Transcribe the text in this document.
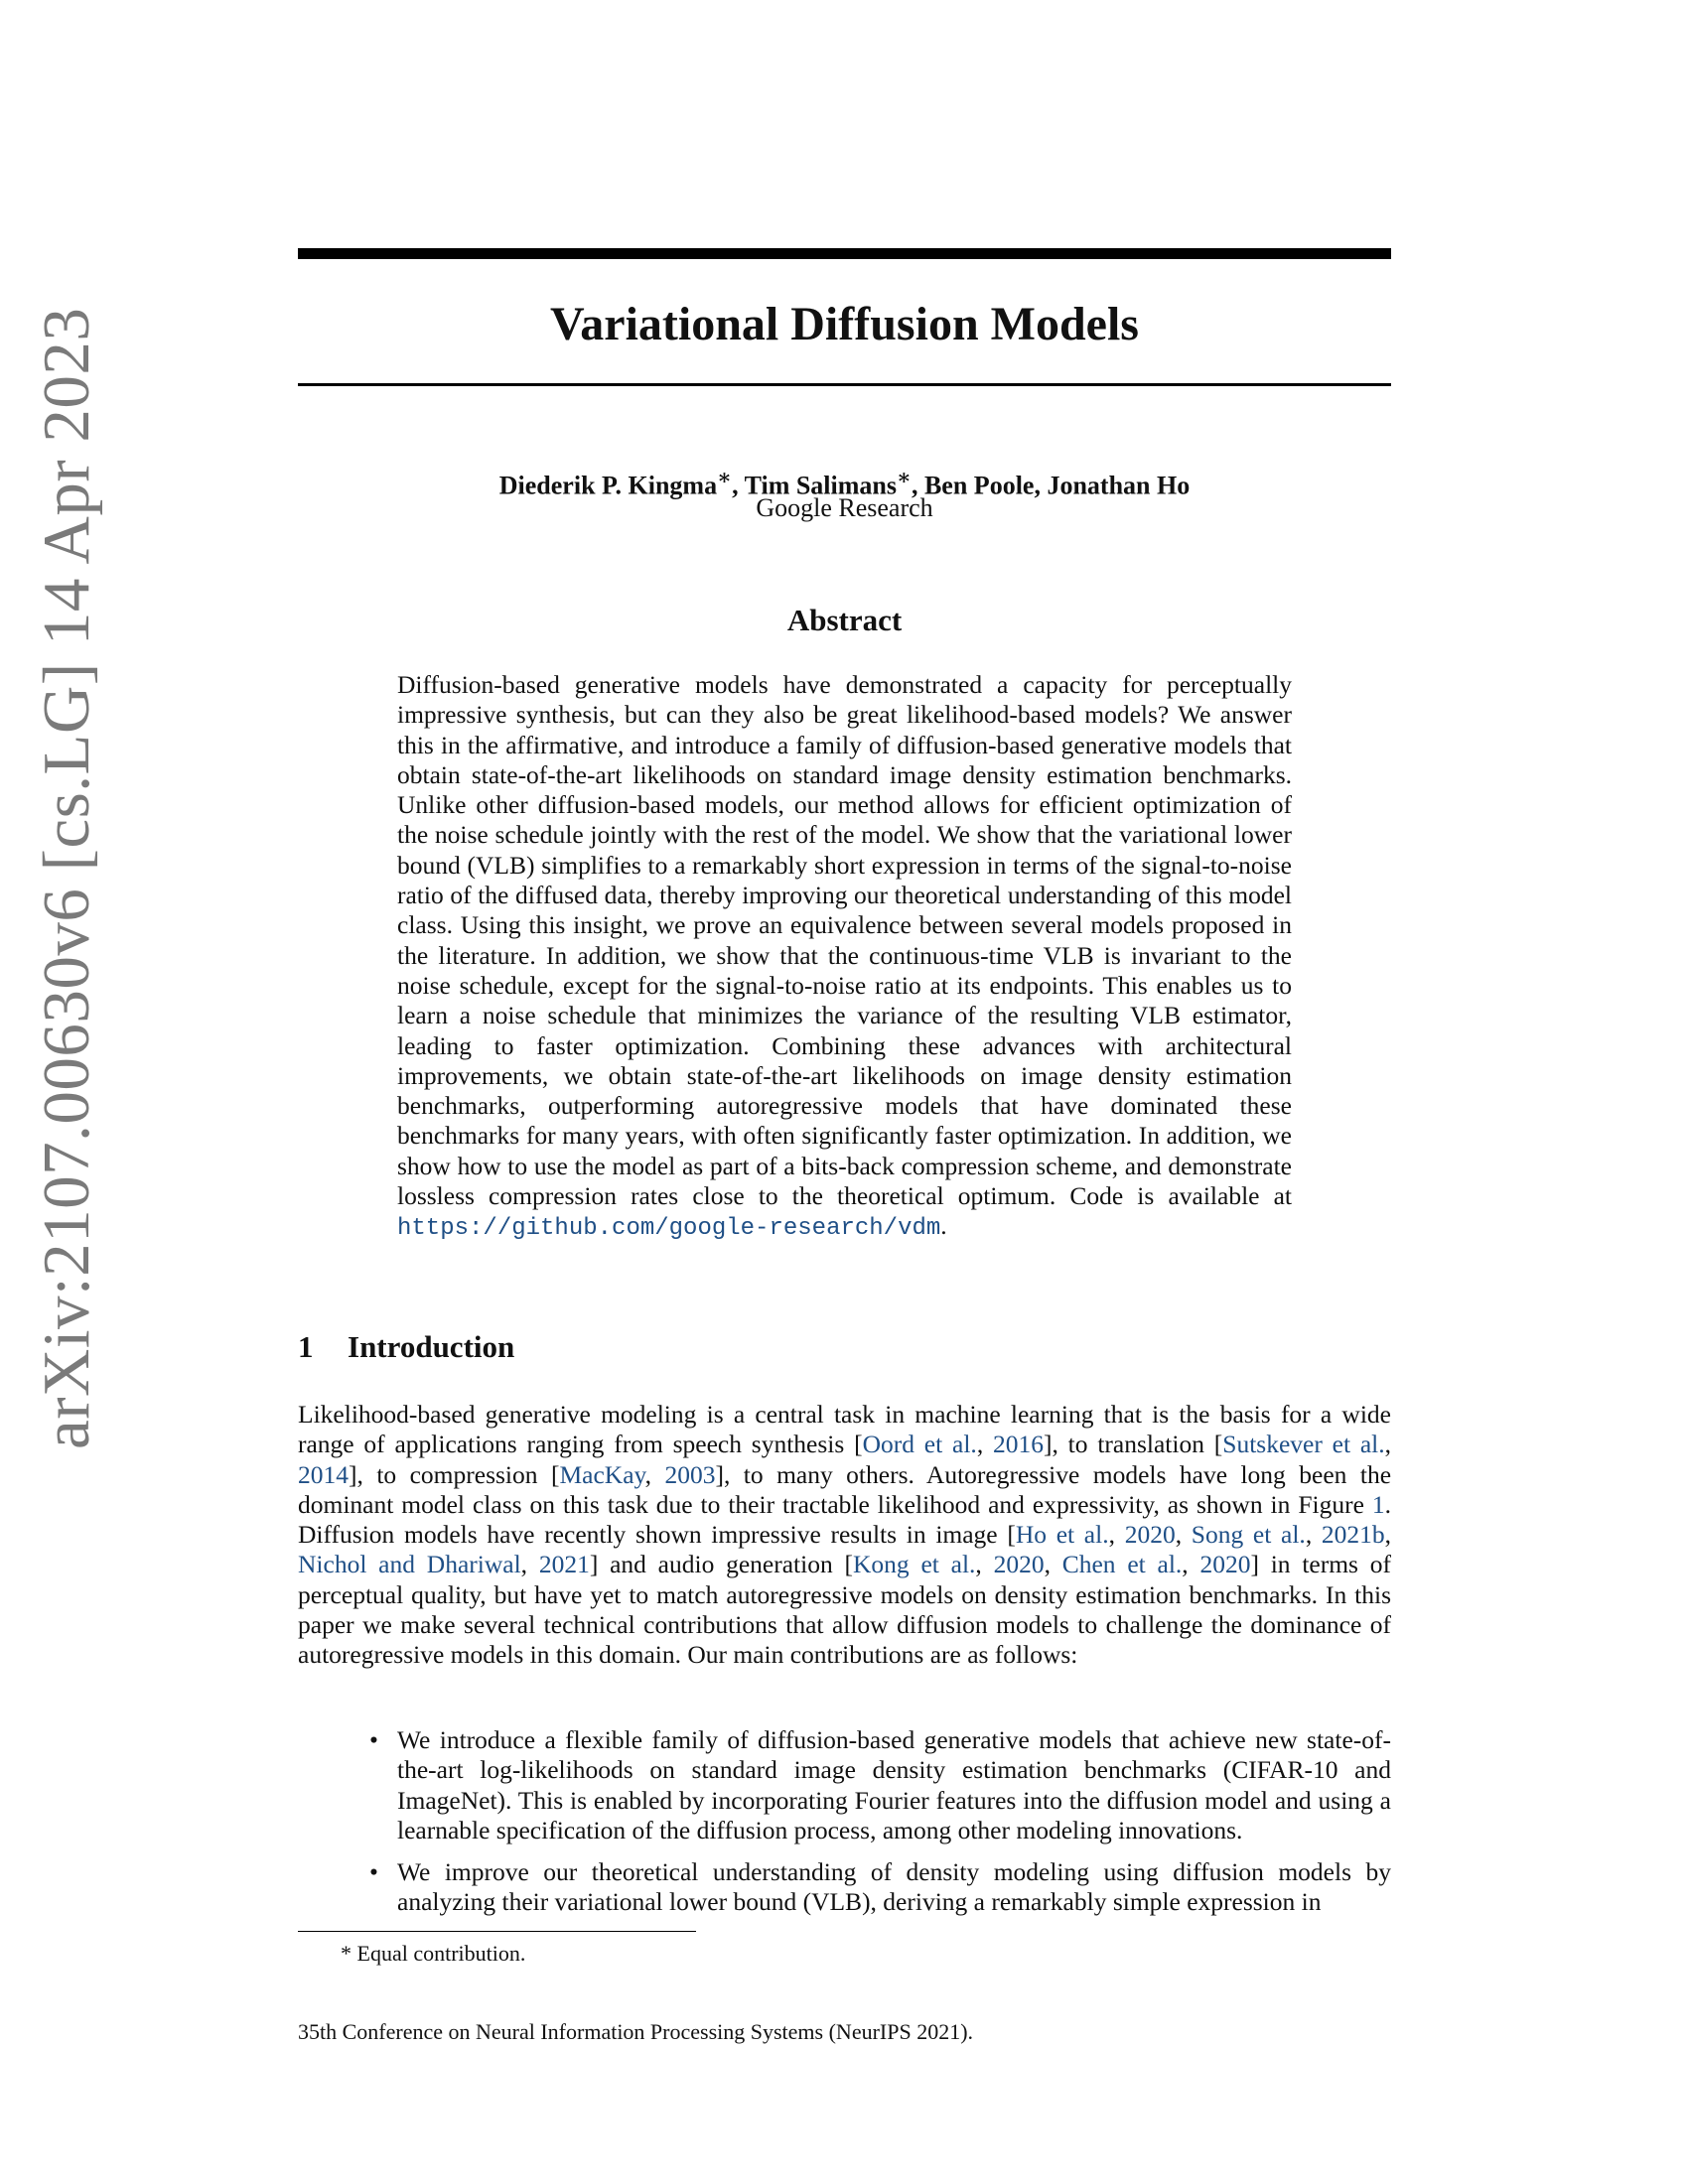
arXiv:2107.00630v6 [cs.LG] 14 Apr 2023	Variational Diffusion Models
Diederik P. Kingma∗, Tim Salimans∗, Ben Poole, Jonathan Ho
Google Research
Abstract

Diffusion-based generative models have demonstrated a capacity for perceptually impressive synthesis, but can they also be great likelihood-based models? We answer this in the affirmative, and introduce a family of diffusion-based generative models that obtain state-of-the-art likelihoods on standard image density estimation benchmarks. Unlike other diffusion-based models, our method allows for efficient optimization of the noise schedule jointly with the rest of the model. We show that the variational lower bound (VLB) simplifies to a remarkably short expression in terms of the signal-to-noise ratio of the diffused data, thereby improving our theoretical understanding of this model class. Using this insight, we prove an equivalence between several models proposed in the literature. In addition, we show that the continuous-time VLB is invariant to the noise schedule, except for the signal-to-noise ratio at its endpoints. This enables us to learn a noise schedule that minimizes the variance of the resulting VLB estimator, leading to faster optimization. Combining these advances with architectural improvements, we obtain state-of-the-art likelihoods on image density estimation benchmarks, outperforming autoregressive models that have dominated these benchmarks for many years, with often significantly faster optimization. In addition, we show how to use the model as part of a bits-back compression scheme, and demonstrate lossless compression rates close to the theoretical optimum. Code is available at https://github.com/google-research/vdm.

1 Introduction

Likelihood-based generative modeling is a central task in machine learning that is the basis for a wide range of applications ranging from speech synthesis [Oord et al., 2016], to translation [Sutskever et al., 2014], to compression [MacKay, 2003], to many others. Autoregressive models have long been the dominant model class on this task due to their tractable likelihood and expressivity, as shown in Figure 1. Diffusion models have recently shown impressive results in image [Ho et al., 2020, Song et al., 2021b, Nichol and Dhariwal, 2021] and audio generation [Kong et al., 2020, Chen et al., 2020] in terms of perceptual quality, but have yet to match autoregressive models on density estimation benchmarks. In this paper we make several technical contributions that allow diffusion models to challenge the dominance of autoregressive models in this domain. Our main contributions are as follows:

• We introduce a flexible family of diffusion-based generative models that achieve new state-of-the-art log-likelihoods on standard image density estimation benchmarks (CIFAR-10 and ImageNet). This is enabled by incorporating Fourier features into the diffusion model and using a learnable specification of the diffusion process, among other modeling innovations.
• We improve our theoretical understanding of density modeling using diffusion models by analyzing their variational lower bound (VLB), deriving a remarkably simple expression in
* Equal contribution.
35th Conference on Neural Information Processing Systems (NeurIPS 2021).
